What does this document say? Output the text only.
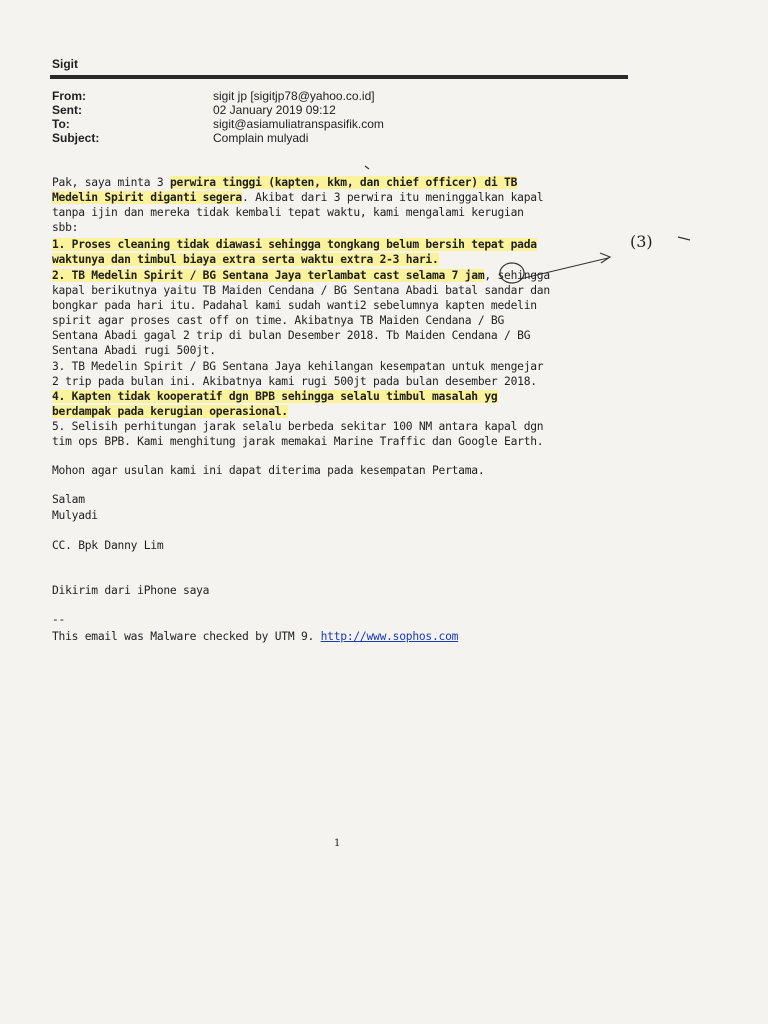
Sigit
From:	sigit jp [sigitjp78@yahoo.co.id]
Sent:	02 January 2019 09:12
To:	sigit@asiamuliatranspasifik.com
Subject:	Complain mulyadi
Pak, saya minta 3 perwira tinggi (kapten, kkm, dan chief officer) di TB
Medelin Spirit diganti segera. Akibat dari 3 perwira itu meninggalkan kapal
tanpa ijin dan mereka tidak kembali tepat waktu, kami mengalami kerugian
sbb:
1. Proses cleaning tidak diawasi sehingga tongkang belum bersih tepat pada
waktunya dan timbul biaya extra serta waktu extra 2-3 hari.
2. TB Medelin Spirit / BG Sentana Jaya terlambat cast selama 7 jam, sehingga
kapal berikutnya yaitu TB Maiden Cendana / BG Sentana Abadi batal sandar dan
bongkar pada hari itu. Padahal kami sudah wanti2 sebelumnya kapten medelin
spirit agar proses cast off on time. Akibatnya TB Maiden Cendana / BG
Sentana Abadi gagal 2 trip di bulan Desember 2018. Tb Maiden Cendana / BG
Sentana Abadi rugi 500jt.
3. TB Medelin Spirit / BG Sentana Jaya kehilangan kesempatan untuk mengejar
2 trip pada bulan ini. Akibatnya kami rugi 500jt pada bulan desember 2018.
4. Kapten tidak kooperatif dgn BPB sehingga selalu timbul masalah yg
berdampak pada kerugian operasional.
5. Selisih perhitungan jarak selalu berbeda sekitar 100 NM antara kapal dgn
tim ops BPB. Kami menghitung jarak memakai Marine Traffic dan Google Earth.
Mohon agar usulan kami ini dapat diterima pada kesempatan Pertama.
Salam
Mulyadi
CC. Bpk Danny Lim
Dikirim dari iPhone saya
--
This email was Malware checked by UTM 9. http://www.sophos.com
(3)
1
